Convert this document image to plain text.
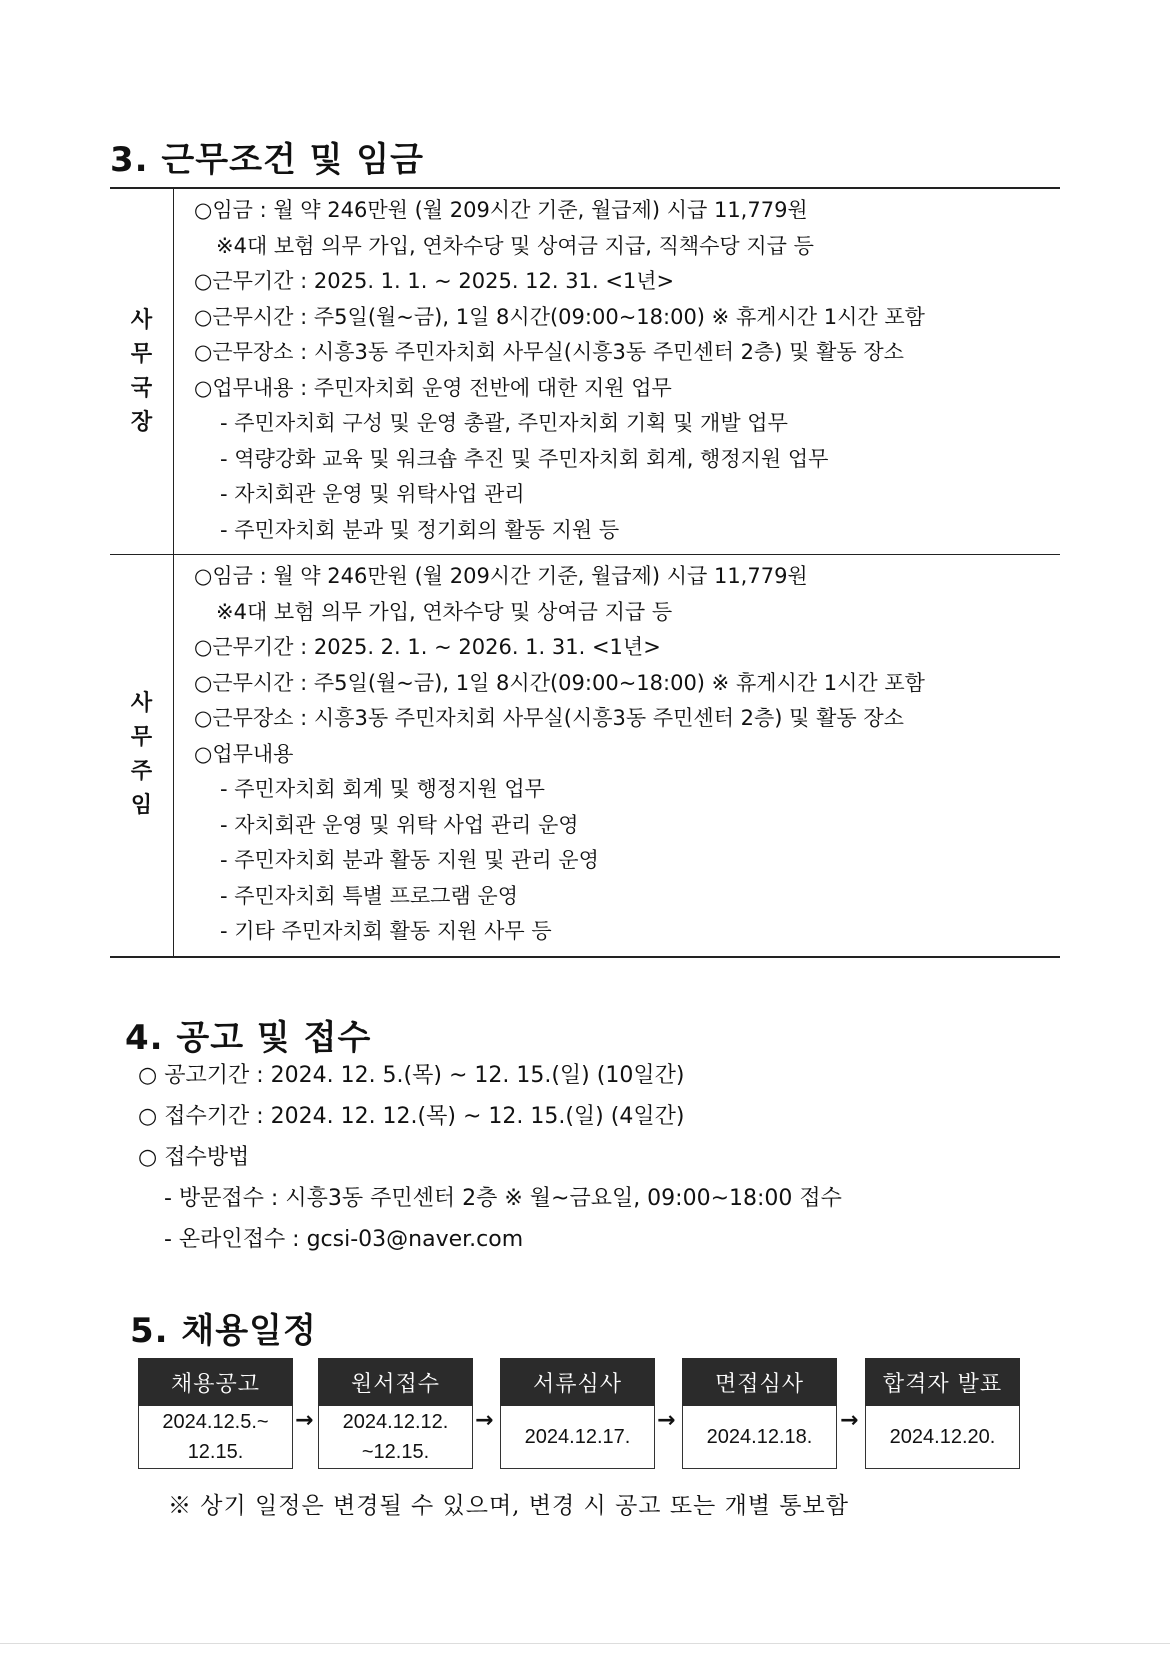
3. 근무조건 및 임금
사
무
국
장
○임금 : 월 약 246만원 (월 209시간 기준, 월급제) 시급 11,779원
※4대 보험 의무 가입, 연차수당 및 상여금 지급, 직책수당 지급 등
○근무기간 : 2025. 1. 1. ~ 2025. 12. 31. <1년>
○근무시간 : 주5일(월~금), 1일 8시간(09:00~18:00) ※ 휴게시간 1시간 포함
○근무장소 : 시흥3동 주민자치회 사무실(시흥3동 주민센터 2층) 및 활동 장소
○업무내용 : 주민자치회 운영 전반에 대한 지원 업무
- 주민자치회 구성 및 운영 총괄, 주민자치회 기획 및 개발 업무
- 역량강화 교육 및 워크숍 추진 및 주민자치회 회계, 행정지원 업무
- 자치회관 운영 및 위탁사업 관리
- 주민자치회 분과 및 정기회의 활동 지원 등
사
무
주
임
○임금 : 월 약 246만원 (월 209시간 기준, 월급제) 시급 11,779원
※4대 보험 의무 가입, 연차수당 및 상여금 지급 등
○근무기간 : 2025. 2. 1. ~ 2026. 1. 31. <1년>
○근무시간 : 주5일(월~금), 1일 8시간(09:00~18:00) ※ 휴게시간 1시간 포함
○근무장소 : 시흥3동 주민자치회 사무실(시흥3동 주민센터 2층) 및 활동 장소
○업무내용
- 주민자치회 회계 및 행정지원 업무
- 자치회관 운영 및 위탁 사업 관리 운영
- 주민자치회 분과 활동 지원 및 관리 운영
- 주민자치회 특별 프로그램 운영
- 기타 주민자치회 활동 지원 사무 등
4. 공고 및 접수
○ 공고기간 : 2024. 12. 5.(목) ~ 12. 15.(일) (10일간)
○ 접수기간 : 2024. 12. 12.(목) ~ 12. 15.(일) (4일간)
○ 접수방법
- 방문접수 : 시흥3동 주민센터 2층 ※ 월~금요일, 09:00~18:00 접수
- 온라인접수 : gcsi-03@naver.com
5. 채용일정
채용공고
2024.12.5.~ 12.15.
→
원서접수
2024.12.12. ~12.15.
→
서류심사
2024.12.17.
→
면접심사
2024.12.18.
→
합격자 발표
2024.12.20.
※ 상기 일정은 변경될 수 있으며, 변경 시 공고 또는 개별 통보함
